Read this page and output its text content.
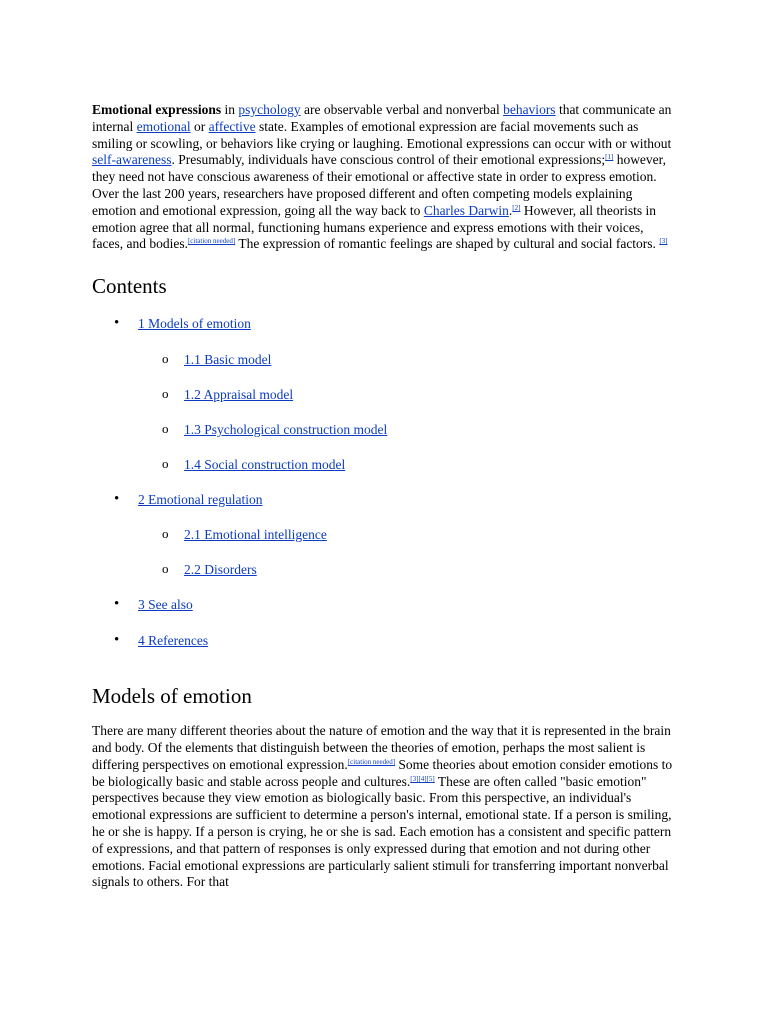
Emotional expressions in psychology are observable verbal and nonverbal behaviors that communicate an internal emotional or affective state. Examples of emotional expression are facial movements such as smiling or scowling, or behaviors like crying or laughing. Emotional expressions can occur with or without self-awareness. Presumably, individuals have conscious control of their emotional expressions;[1] however, they need not have conscious awareness of their emotional or affective state in order to express emotion.

Over the last 200 years, researchers have proposed different and often competing models explaining emotion and emotional expression, going all the way back to Charles Darwin.[2] However, all theorists in emotion agree that all normal, functioning humans experience and express emotions with their voices, faces, and bodies.[citation needed] The expression of romantic feelings are shaped by cultural and social factors. [3]

Contents
• 1 Models of emotion
o 1.1 Basic model
o 1.2 Appraisal model
o 1.3 Psychological construction model
o 1.4 Social construction model
• 2 Emotional regulation
o 2.1 Emotional intelligence
o 2.2 Disorders
• 3 See also
• 4 References
Models of emotion

There are many different theories about the nature of emotion and the way that it is represented in the brain and body. Of the elements that distinguish between the theories of emotion, perhaps the most salient is differing perspectives on emotional expression.[citation needed] Some theories about emotion consider emotions to be biologically basic and stable across people and cultures.[3][4][5] These are often called "basic emotion" perspectives because they view emotion as biologically basic. From this perspective, an individual's emotional expressions are sufficient to determine a person's internal, emotional state. If a person is smiling, he or she is happy. If a person is crying, he or she is sad. Each emotion has a consistent and specific pattern of expressions, and that pattern of responses is only expressed during that emotion and not during other emotions. Facial emotional expressions are particularly salient stimuli for transferring important nonverbal signals to others. For that
